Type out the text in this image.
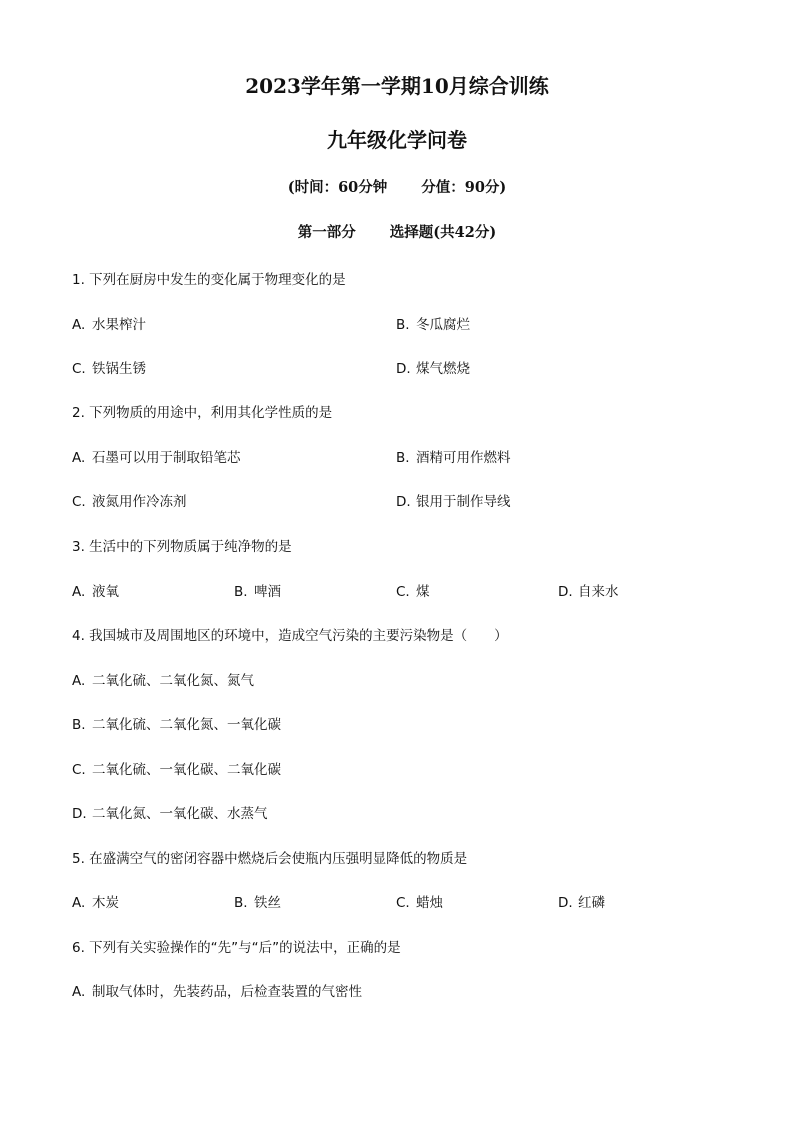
2023学年第一学期10月综合训练
九年级化学问卷
(时间：60分钟 分值：90分)
第一部分 选择题(共42分)
1. 下列在厨房中发生的变化属于物理变化的是
A. 水果榨汁	B. 冬瓜腐烂
C. 铁锅生锈	D. 煤气燃烧
2. 下列物质的用途中，利用其化学性质的是
A. 石墨可以用于制取铅笔芯	B. 酒精可用作燃料
C. 液氮用作冷冻剂	D. 银用于制作导线
3. 生活中的下列物质属于纯净物的是
A. 液氧	B. 啤酒	C. 煤	D. 自来水
4. 我国城市及周围地区的环境中，造成空气污染的主要污染物是（　　）
A. 二氧化硫、二氧化氮、氮气
B. 二氧化硫、二氧化氮、一氧化碳
C. 二氧化硫、一氧化碳、二氧化碳
D. 二氧化氮、一氧化碳、水蒸气
5. 在盛满空气的密闭容器中燃烧后会使瓶内压强明显降低的物质是
A. 木炭	B. 铁丝	C. 蜡烛	D. 红磷
6. 下列有关实验操作的“先”与“后”的说法中，正确的是
A. 制取气体时，先装药品，后检查装置的气密性
